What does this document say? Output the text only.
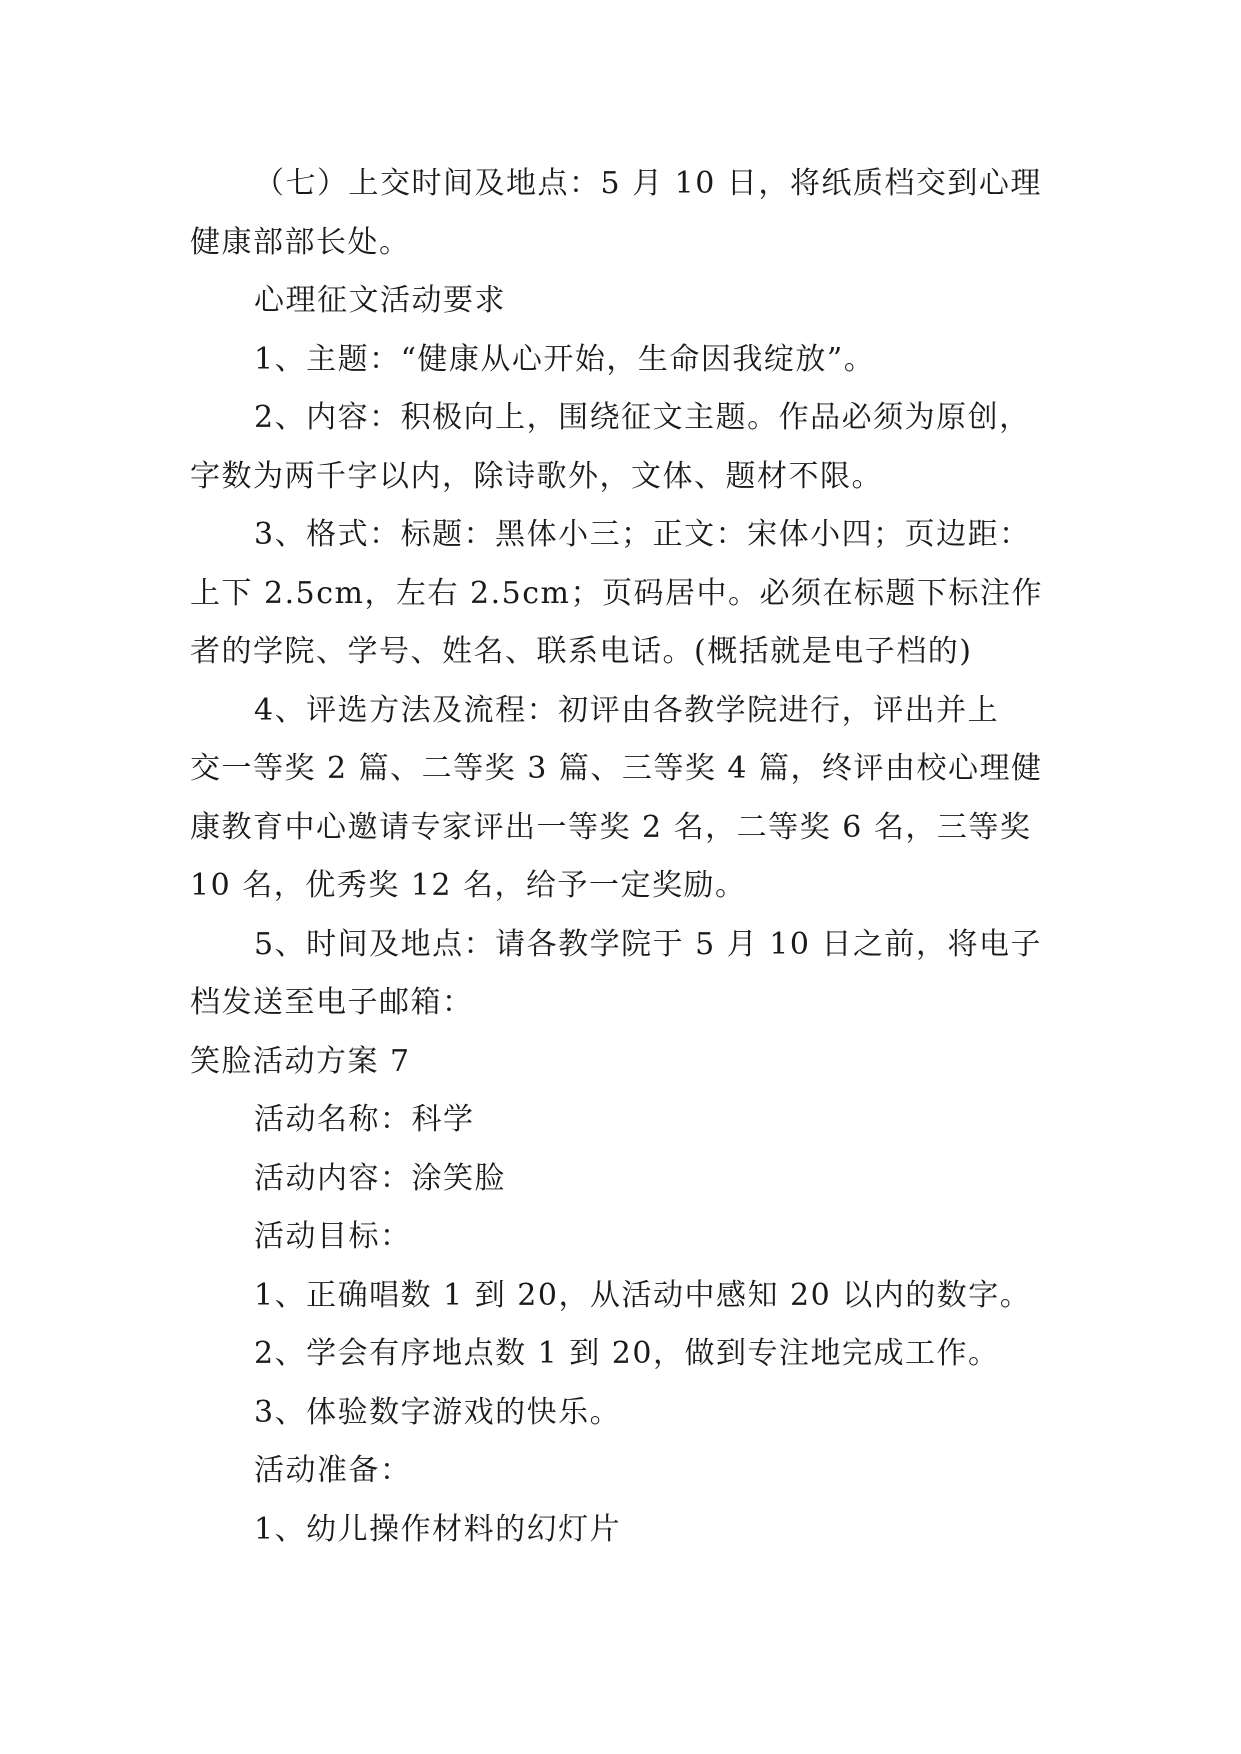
（七）上交时间及地点：5 月 10 日，将纸质档交到心理
健康部部长处。
心理征文活动要求
1、主题：“健康从心开始，生命因我绽放”。
2、内容：积极向上，围绕征文主题。作品必须为原创，
字数为两千字以内，除诗歌外，文体、题材不限。
3、格式：标题：黑体小三；正文：宋体小四；页边距：
上下 2.5cm，左右 2.5cm；页码居中。必须在标题下标注作
者的学院、学号、姓名、联系电话。(概括就是电子档的)
4、评选方法及流程：初评由各教学院进行，评出并上
交一等奖 2 篇、二等奖 3 篇、三等奖 4 篇，终评由校心理健
康教育中心邀请专家评出一等奖 2 名，二等奖 6 名，三等奖
10 名，优秀奖 12 名，给予一定奖励。
5、时间及地点：请各教学院于 5 月 10 日之前，将电子
档发送至电子邮箱：
笑脸活动方案 7
活动名称：科学
活动内容：涂笑脸
活动目标：
1、正确唱数 1 到 20，从活动中感知 20 以内的数字。
2、学会有序地点数 1 到 20，做到专注地完成工作。
3、体验数字游戏的快乐。
活动准备：
1、幼儿操作材料的幻灯片
